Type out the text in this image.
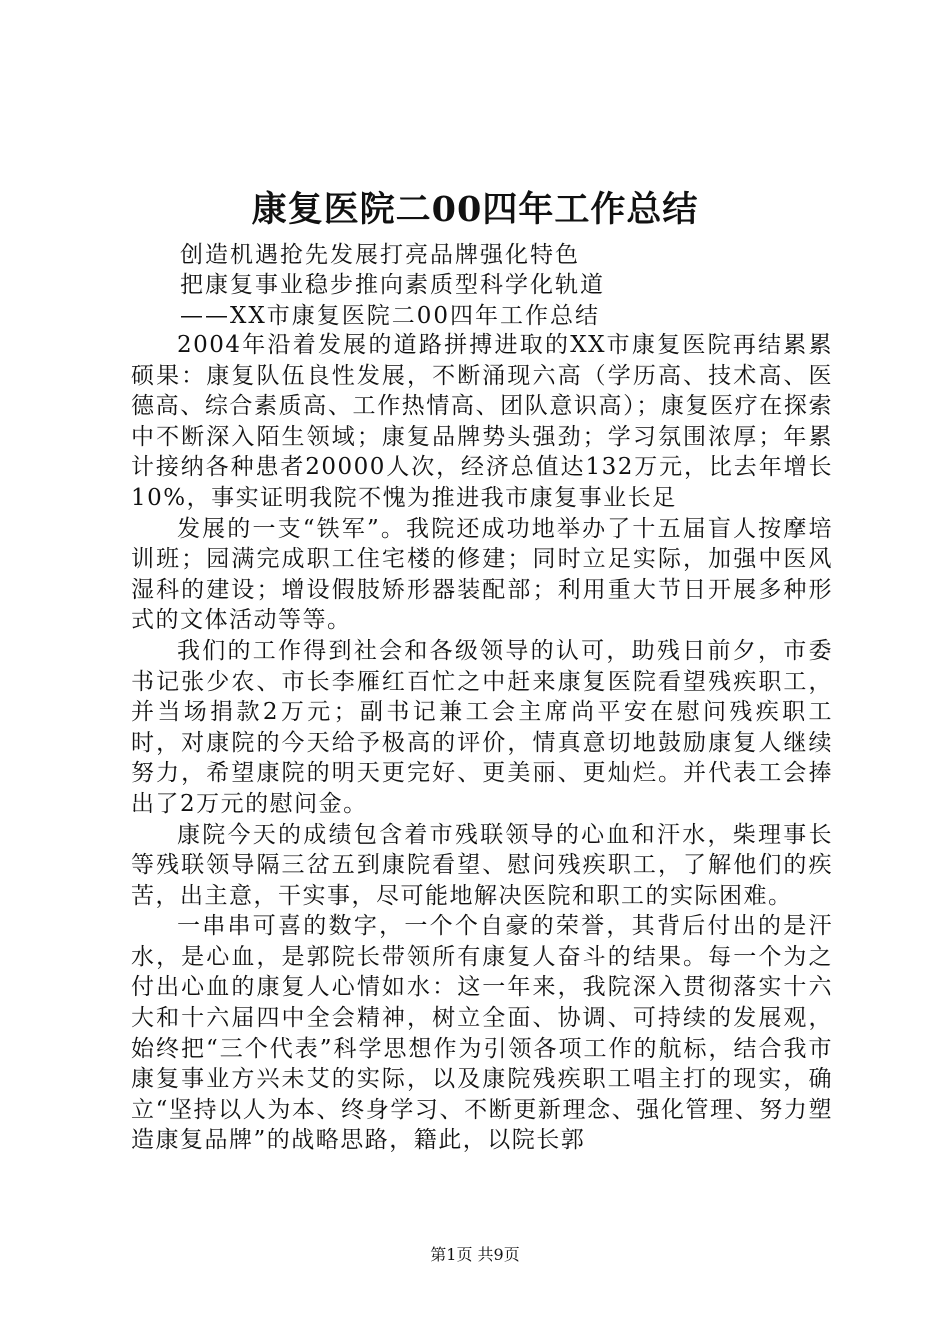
康复医院二00四年工作总结
创造机遇抢先发展打亮品牌强化特色
把康复事业稳步推向素质型科学化轨道
——XX市康复医院二00四年工作总结

2004年沿着发展的道路拼搏进取的XX市康复医院再结累累硕果：康复队伍良性发展，不断涌现六高（学历高、技术高、医德高、综合素质高、工作热情高、团队意识高）；康复医疗在探索中不断深入陌生领域；康复品牌势头强劲；学习氛围浓厚；年累计接纳各种患者20000人次，经济总值达132万元，比去年增长10%，事实证明我院不愧为推进我市康复事业长足

发展的一支“铁军”。我院还成功地举办了十五届盲人按摩培训班；园满完成职工住宅楼的修建；同时立足实际，加强中医风湿科的建设；增设假肢矫形器装配部；利用重大节日开展多种形式的文体活动等等。

我们的工作得到社会和各级领导的认可，助残日前夕，市委书记张少农、市长李雁红百忙之中赶来康复医院看望残疾职工，并当场捐款2万元；副书记兼工会主席尚平安在慰问残疾职工时，对康院的今天给予极高的评价，情真意切地鼓励康复人继续努力，希望康院的明天更完好、更美丽、更灿烂。并代表工会捧出了2万元的慰问金。

康院今天的成绩包含着市残联领导的心血和汗水，柴理事长等残联领导隔三岔五到康院看望、慰问残疾职工，了解他们的疾苦，出主意，干实事，尽可能地解决医院和职工的实际困难。

一串串可喜的数字，一个个自豪的荣誉，其背后付出的是汗水，是心血，是郭院长带领所有康复人奋斗的结果。每一个为之付出心血的康复人心情如水：这一年来，我院深入贯彻落实十六大和十六届四中全会精神，树立全面、协调、可持续的发展观，始终把“三个代表”科学思想作为引领各项工作的航标，结合我市康复事业方兴未艾的实际，以及康院残疾职工唱主打的现实，确立“坚持以人为本、终身学习、不断更新理念、强化管理、努力塑造康复品牌”的战略思路，籍此，以院长郭

第1页 共9页
